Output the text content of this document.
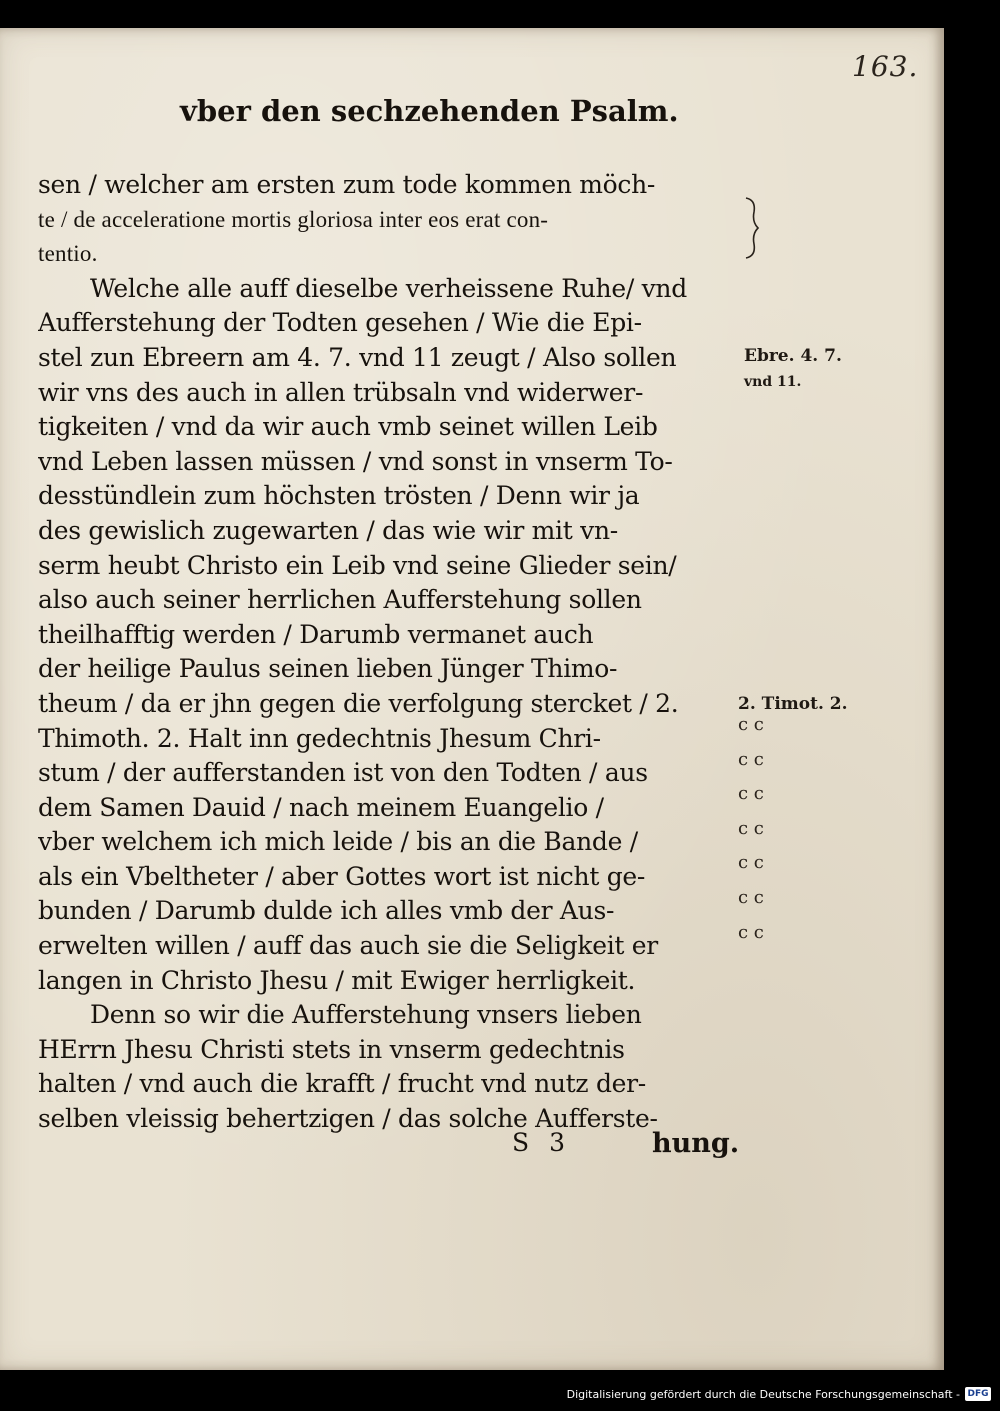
163.
vber den sechzehenden Psalm.
sen / welcher am ersten zum tode kommen möch-
te / de acceleratione mortis gloriosa inter eos erat con-
tentio.
Welche alle auff dieselbe verheissene Ruhe/ vnd
Aufferstehung der Todten gesehen / Wie die Epi-
stel zun Ebreern am 4. 7. vnd 11 zeugt / Also sollen
wir vns des auch in allen trübsaln vnd widerwer-
tigkeiten / vnd da wir auch vmb seinet willen Leib
vnd Leben lassen müssen / vnd sonst in vnserm To-
desstündlein zum höchsten trösten / Denn wir ja
des gewislich zugewarten / das wie wir mit vn-
serm heubt Christo ein Leib vnd seine Glieder sein/
also auch seiner herrlichen Aufferstehung sollen
theilhafftig werden / Darumb vermanet auch
der heilige Paulus seinen lieben Jünger Thimo-
theum / da er jhn gegen die verfolgung stercket / 2.
Thimoth. 2. Halt inn gedechtnis Jhesum Chri-
stum / der aufferstanden ist von den Todten / aus
dem Samen Dauid / nach meinem Euangelio /
vber welchem ich mich leide / bis an die Bande /
als ein Vbeltheter / aber Gottes wort ist nicht ge-
bunden / Darumb dulde ich alles vmb der Aus-
erwelten willen / auff das auch sie die Seligkeit er
langen in Christo Jhesu / mit Ewiger herrligkeit.
Denn so wir die Aufferstehung vnsers lieben
HErrn Jhesu Christi stets in vnserm gedechtnis
halten / vnd auch die krafft / frucht vnd nutz der-
selben vleissig behertzigen / das solche Aufferste-
S 3	hung.
Ebre. 4. 7.
vnd 11.
2. Timot. 2.
c c
c c
c c
c c
c c
c c
c c
Digitalisierung gefördert durch die Deutsche Forschungsgemeinschaft - DFG
